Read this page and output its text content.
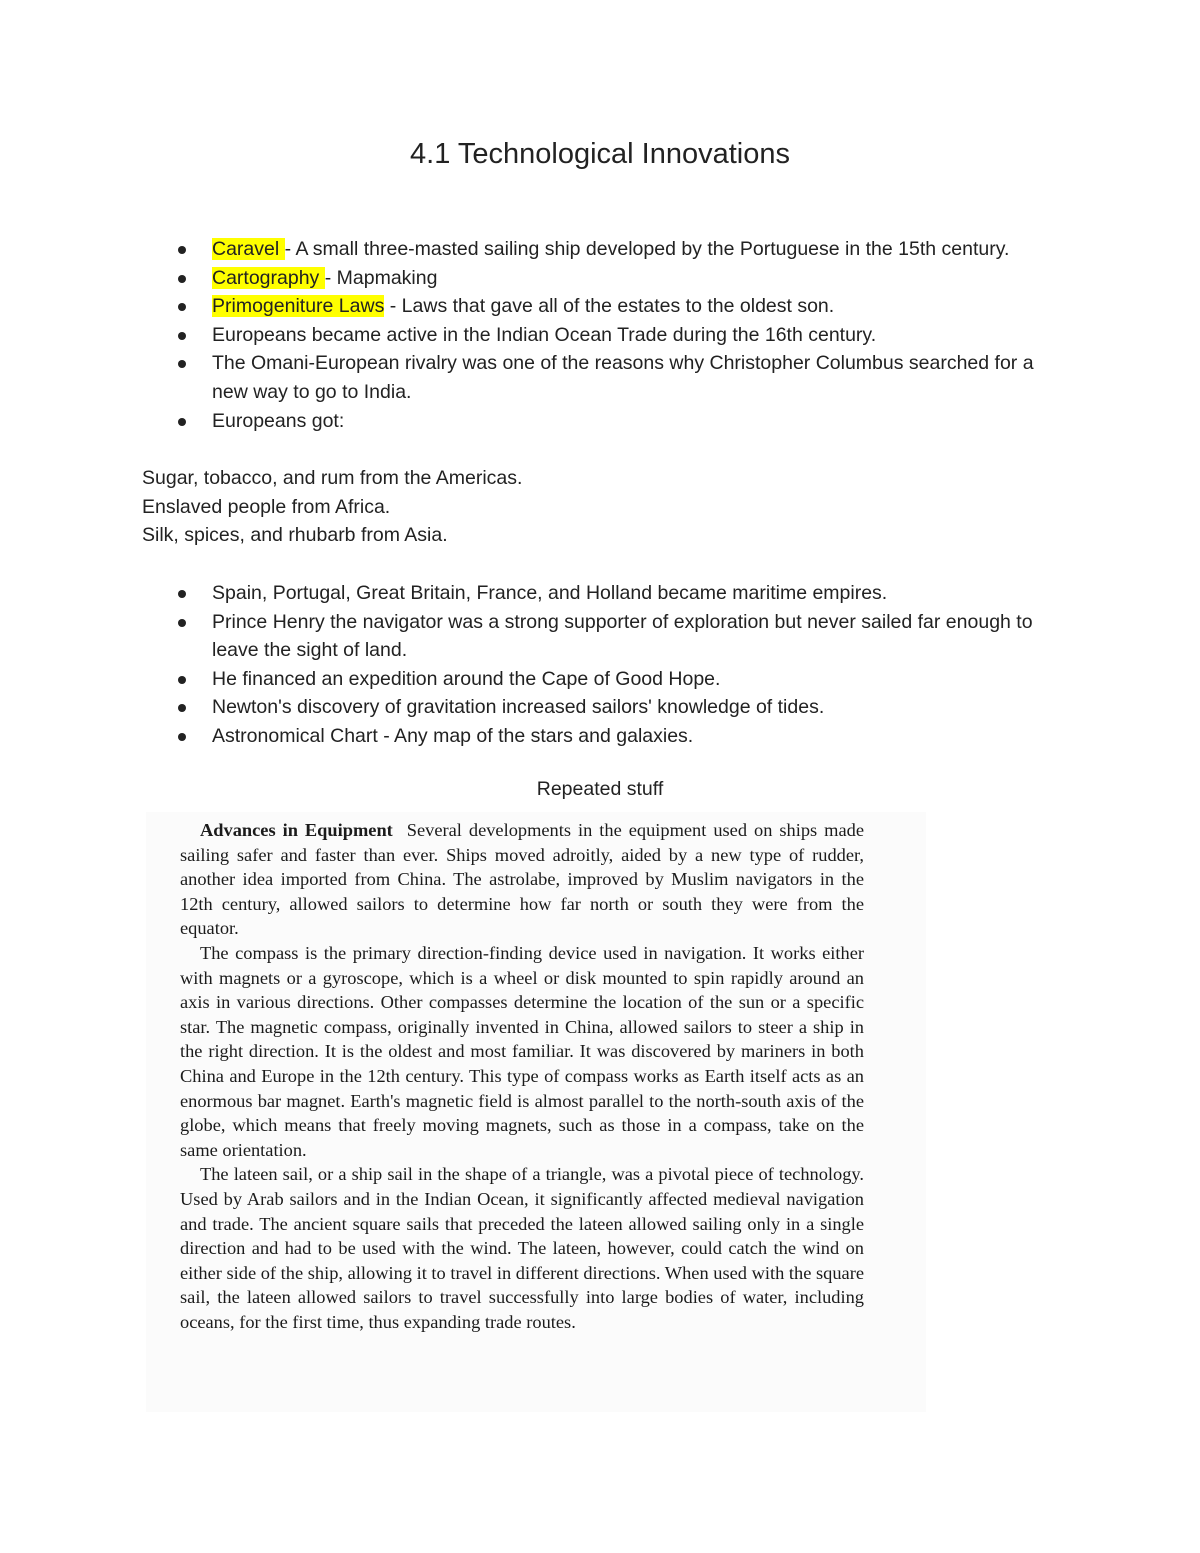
4.1 Technological Innovations
Caravel - A small three-masted sailing ship developed by the Portuguese in the 15th century.
Cartography - Mapmaking
Primogeniture Laws - Laws that gave all of the estates to the oldest son.
Europeans became active in the Indian Ocean Trade during the 16th century.
The Omani-European rivalry was one of the reasons why Christopher Columbus searched for a new way to go to India.
Europeans got:

Sugar, tobacco, and rum from the Americas.

Enslaved people from Africa.

Silk, spices, and rhubarb from Asia.

Spain, Portugal, Great Britain, France, and Holland became maritime empires.
Prince Henry the navigator was a strong supporter of exploration but never sailed far enough to leave the sight of land.
He financed an expedition around the Cape of Good Hope.
Newton's discovery of gravitation increased sailors' knowledge of tides.
Astronomical Chart - Any map of the stars and galaxies.

Repeated stuff

Advances in Equipment Several developments in the equipment used on ships made sailing safer and faster than ever. Ships moved adroitly, aided by a new type of rudder, another idea imported from China. The astrolabe, improved by Muslim navigators in the 12th century, allowed sailors to determine how far north or south they were from the equator.

The compass is the primary direction-finding device used in navigation. It works either with magnets or a gyroscope, which is a wheel or disk mounted to spin rapidly around an axis in various directions. Other compasses determine the location of the sun or a specific star. The magnetic compass, originally invented in China, allowed sailors to steer a ship in the right direction. It is the oldest and most familiar. It was discovered by mariners in both China and Europe in the 12th century. This type of compass works as Earth itself acts as an enormous bar magnet. Earth's magnetic field is almost parallel to the north-south axis of the globe, which means that freely moving magnets, such as those in a compass, take on the same orientation.

The lateen sail, or a ship sail in the shape of a triangle, was a pivotal piece of technology. Used by Arab sailors and in the Indian Ocean, it significantly affected medieval navigation and trade. The ancient square sails that preceded the lateen allowed sailing only in a single direction and had to be used with the wind. The lateen, however, could catch the wind on either side of the ship, allowing it to travel in different directions. When used with the square sail, the lateen allowed sailors to travel successfully into large bodies of water, including oceans, for the first time, thus expanding trade routes.
